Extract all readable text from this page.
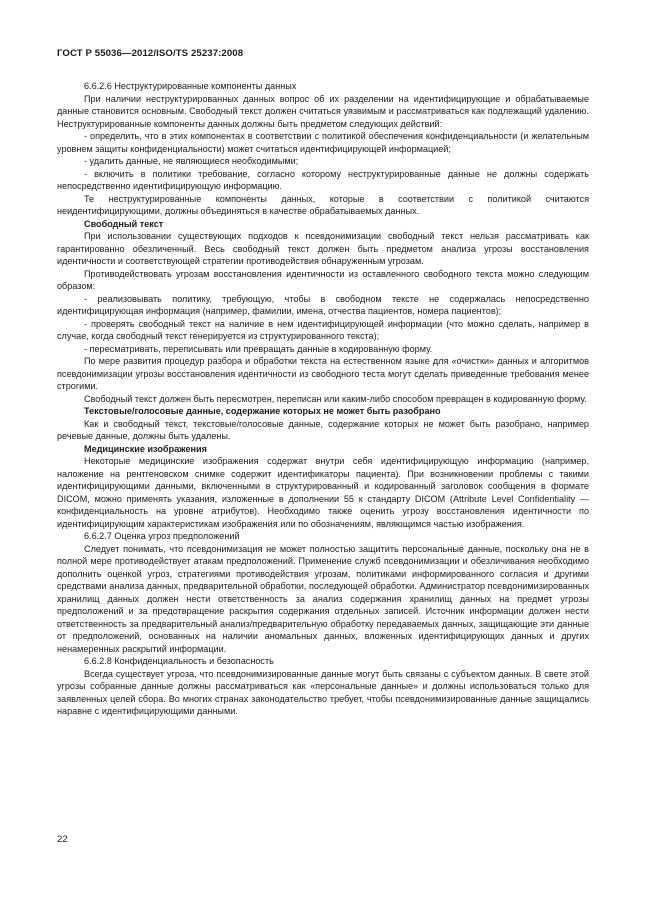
ГОСТ Р 55036—2012/ISO/TS 25237:2008

6.6.2.6 Неструктурированные компоненты данных

При наличии неструктурированных данных вопрос об их разделении на идентифицирующие и обрабатываемые данные становится основным. Свободный текст должен считаться уязвимым и рассматриваться как подлежащий удалению. Неструктурированные компоненты данных должны быть предметом следующих действий:

- определить, что в этих компонентах в соответствии с политикой обеспечения конфиденциальности (и желательным уровнем защиты конфиденциальности) может считаться идентифицирующей информацией;

- удалить данные, не являющиеся необходимыми;

- включить в политики требование, согласно которому неструктурированные данные не должны содержать непосредственно идентифицирующую информацию.

Те неструктурированные компоненты данных, которые в соответствии с политикой считаются неидентифицирующими, должны объединяться в качестве обрабатываемых данных.

Свободный текст

При использовании существующих подходов к псевдонимизации свободный текст нельзя рассматривать как гарантированно обезличенный. Весь свободный текст должен быть предметом анализа угрозы восстановления идентичности и соответствующей стратегии противодействия обнаруженным угрозам.

Противодействовать угрозам восстановления идентичности из оставленного свободного текста можно следующим образом:

- реализовывать политику, требующую, чтобы в свободном тексте не содержалась непосредственно идентифицирующая информация (например, фамилии, имена, отчества пациентов, номера пациентов);

- проверять свободный текст на наличие в нем идентифицирующей информации (что можно сделать, например в случае, когда свободный текст генерируется из структурированного текста);

- пересматривать, переписывать или превращать данные в кодированную форму.

По мере развития процедур разбора и обработки текста на естественном языке для «очистки» данных и алгоритмов псевдонимизации угрозы восстановления идентичности из свободного теста могут сделать приведенные требования менее строгими.

Свободный текст должен быть пересмотрен, переписан или каким-либо способом превращен в кодированную форму.

Текстовые/голосовые данные, содержание которых не может быть разобрано

Как и свободный текст, текстовые/голосовые данные, содержание которых не может быть разобрано, например речевые данные, должны быть удалены.

Медицинские изображения

Некоторые медицинские изображения содержат внутри себя идентифицирующую информацию (например, наложение на рентгеновском снимке содержит идентификаторы пациента). При возникновении проблемы с такими идентифицирующими данными, включенными в структурированный и кодированный заголовок сообщения в формате DICOM, можно применять указания, изложенные в дополнении 55 к стандарту DICOM (Attribute Level Confidentiality — конфиденциальность на уровне атрибутов). Необходимо также оценить угрозу восстановления идентичности по идентифицирующим характеристикам изображения или по обозначениям, являющимся частью изображения.

6.6.2.7 Оценка угроз предположений

Следует понимать, что псевдонимизация не может полностью защитить персональные данные, поскольку она не в полной мере противодействует атакам предположений. Применение служб псевдонимизации и обезличивания необходимо дополнить оценкой угроз, стратегиями противодействия угрозам, политиками информированного согласия и другими средствами анализа данных, предварительной обработки, последующей обработки. Администратор псевдонимизированных хранилищ данных должен нести ответственность за анализ содержания хранилищ данных на предмет угрозы предположений и за предотвращение раскрытия содержания отдельных записей. Источник информации должен нести ответственность за предварительный анализ/предварительную обработку передаваемых данных, защищающие эти данные от предположений, основанных на наличии аномальных данных, вложенных идентифицирующих данных и других ненамеренных раскрытий информации.

6.6.2.8 Конфиденциальность и безопасность

Всегда существует угроза, что псевдонимизированные данные могут быть связаны с субъектом данных. В свете этой угрозы собранные данные должны рассматриваться как «персональные данные» и должны использоваться только для заявленных целей сбора. Во многих странах законодательство требует, чтобы псевдонимизированные данные защищались наравне с идентифицирующими данными.

22
